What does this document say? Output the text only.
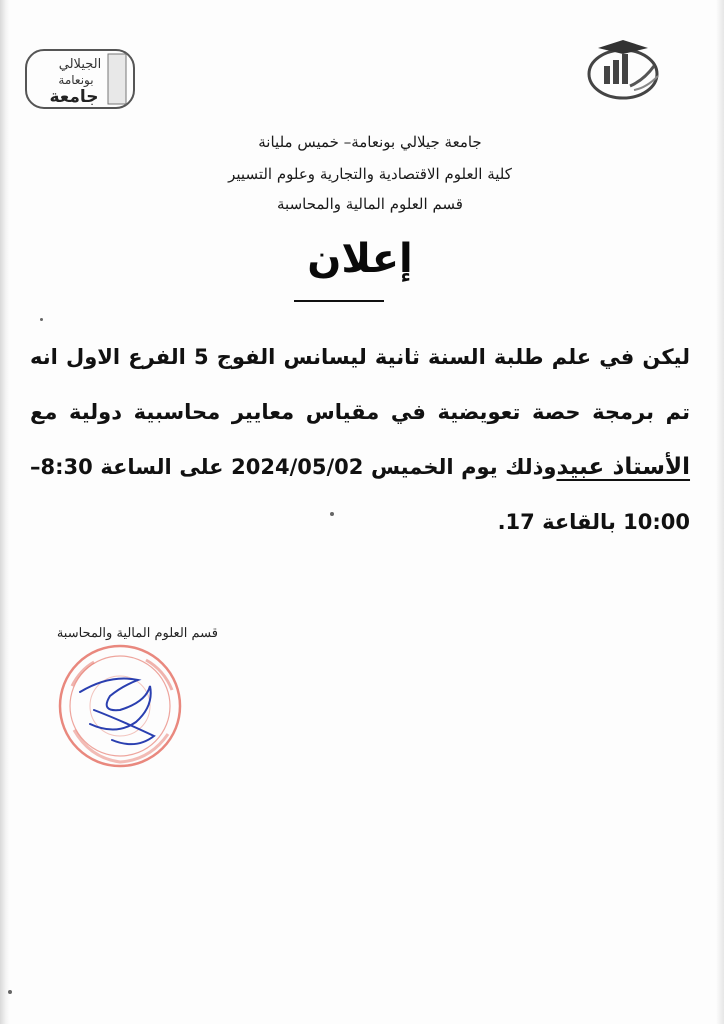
الجيلالي
بونعامة
جامعة
جامعة جيلالي بونعامة– خميس مليانة
كلية العلوم الاقتصادية والتجارية وعلوم التسيير
قسم العلوم المالية والمحاسبة
إعلان
ليكن في علم طلبة السنة ثانية ليسانس الفوج 5 الفرع الاول انه تم برمجة حصة تعويضية في مقياس معايير محاسبية دولية مع الأستاذ عبيدوذلك يوم الخميس 2024/05/02 على الساعة 8:30–10:00 بالقاعة 17.
قسم العلوم المالية والمحاسبة
